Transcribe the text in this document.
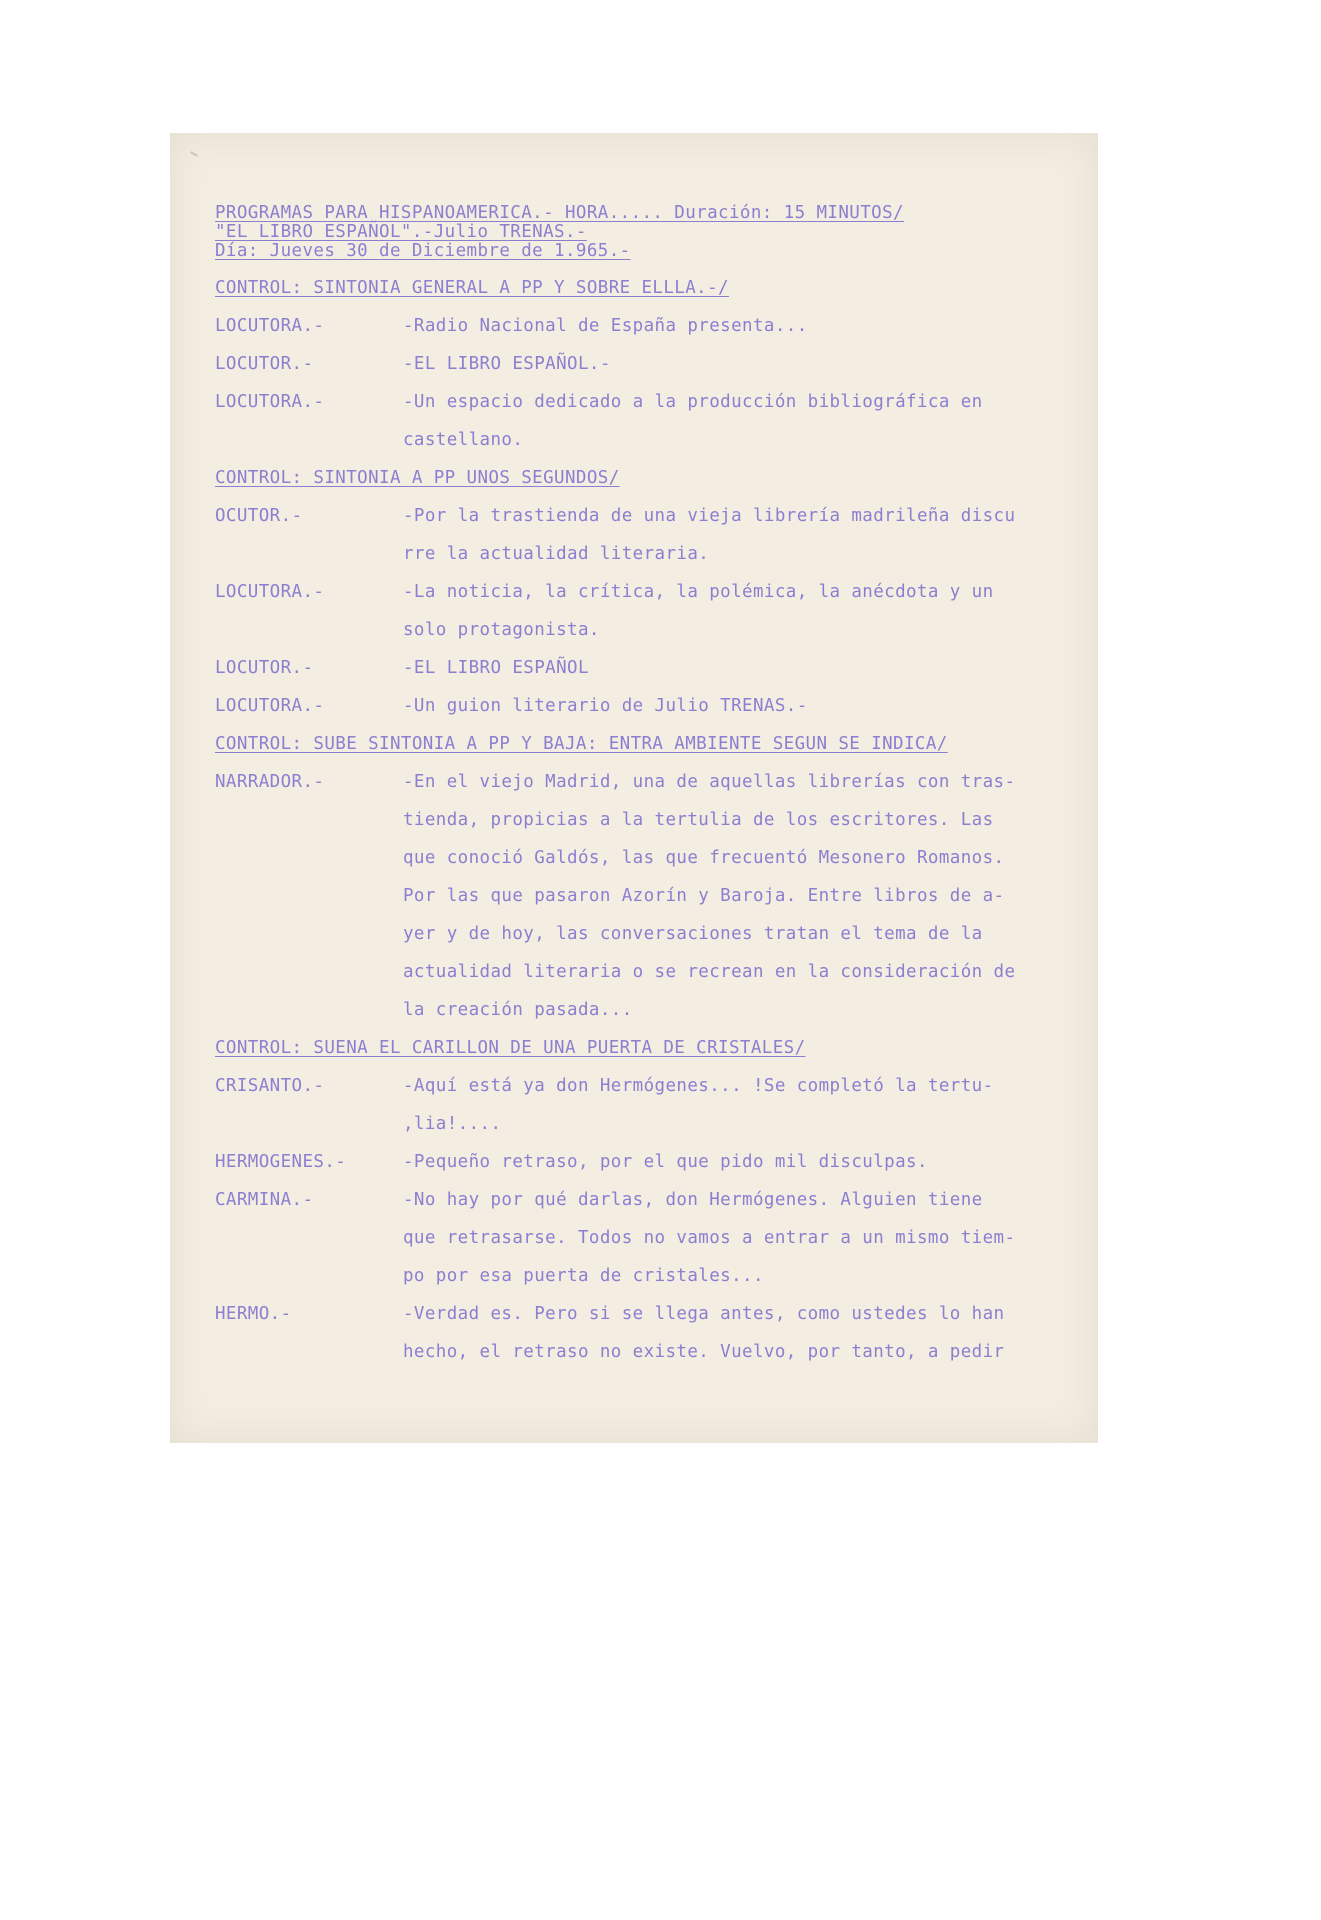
PROGRAMAS PARA HISPANOAMERICA.- HORA..... Duración: 15 MINUTOS/
"EL LIBRO ESPAÑOL".-Julio TRENAS.-
Día: Jueves 30 de Diciembre de 1.965.-
CONTROL: SINTONIA GENERAL A PP Y SOBRE ELLLA.-/
LOCUTORA.-	-Radio Nacional de España presenta...
LOCUTOR.-	-EL LIBRO ESPAÑOL.-
LOCUTORA.-	-Un espacio dedicado a la producción bibliográfica en
castellano.
CONTROL: SINTONIA A PP UNOS SEGUNDOS/
OCUTOR.-	-Por la trastienda de una vieja librería madrileña discu
rre la actualidad literaria.
LOCUTORA.-	-La noticia, la crítica, la polémica, la anécdota y un
solo protagonista.
LOCUTOR.-	-EL LIBRO ESPAÑOL
LOCUTORA.-	-Un guion literario de Julio TRENAS.-
CONTROL: SUBE SINTONIA A PP Y BAJA: ENTRA AMBIENTE SEGUN SE INDICA/
NARRADOR.-	-En el viejo Madrid, una de aquellas librerías con tras-
tienda, propicias a la tertulia de los escritores. Las
que conoció Galdós, las que frecuentó Mesonero Romanos.
Por las que pasaron Azorín y Baroja. Entre libros de a-
yer y de hoy, las conversaciones tratan el tema de la
actualidad literaria o se recrean en la consideración de
la creación pasada...
CONTROL: SUENA EL CARILLON DE UNA PUERTA DE CRISTALES/
CRISANTO.-	-Aquí está ya don Hermógenes... !Se completó la tertu-
,lia!....
HERMOGENES.-	-Pequeño retraso, por el que pido mil disculpas.
CARMINA.-	-No hay por qué darlas, don Hermógenes. Alguien tiene
que retrasarse. Todos no vamos a entrar a un mismo tiem-
po por esa puerta de cristales...
HERMO.-	-Verdad es. Pero si se llega antes, como ustedes lo han
hecho, el retraso no existe. Vuelvo, por tanto, a pedir
